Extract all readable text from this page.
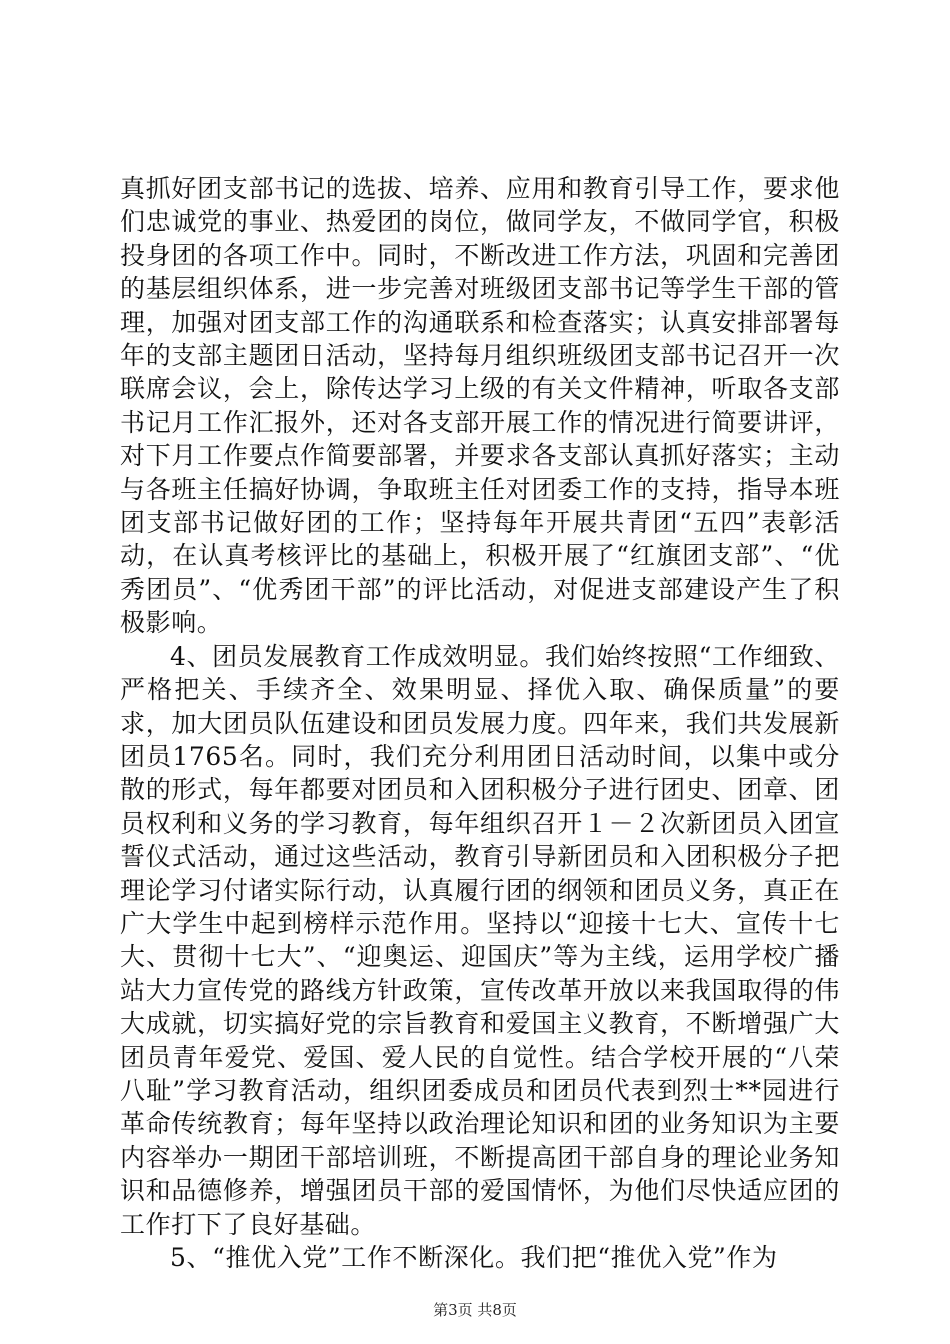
真抓好团支部书记的选拔、培养、应用和教育引导工作，要求他们忠诚党的事业、热爱团的岗位，做同学友，不做同学官，积极投身团的各项工作中。同时，不断改进工作方法，巩固和完善团的基层组织体系，进一步完善对班级团支部书记等学生干部的管理，加强对团支部工作的沟通联系和检查落实；认真安排部署每年的支部主题团日活动，坚持每月组织班级团支部书记召开一次联席会议，会上，除传达学习上级的有关文件精神，听取各支部书记月工作汇报外，还对各支部开展工作的情况进行简要讲评，对下月工作要点作简要部署，并要求各支部认真抓好落实；主动与各班主任搞好协调，争取班主任对团委工作的支持，指导本班团支部书记做好团的工作；坚持每年开展共青团“五四”表彰活动，在认真考核评比的基础上，积极开展了“红旗团支部”、“优秀团员”、“优秀团干部”的评比活动，对促进支部建设产生了积极影响。

4、团员发展教育工作成效明显。我们始终按照“工作细致、严格把关、手续齐全、效果明显、择优入取、确保质量”的要求，加大团员队伍建设和团员发展力度。四年来，我们共发展新团员1765名。同时，我们充分利用团日活动时间，以集中或分散的形式，每年都要对团员和入团积极分子进行团史、团章、团员权利和义务的学习教育，每年组织召开１－２次新团员入团宣誓仪式活动，通过这些活动，教育引导新团员和入团积极分子把理论学习付诸实际行动，认真履行团的纲领和团员义务，真正在广大学生中起到榜样示范作用。坚持以“迎接十七大、宣传十七大、贯彻十七大”、“迎奥运、迎国庆”等为主线，运用学校广播站大力宣传党的路线方针政策，宣传改革开放以来我国取得的伟大成就，切实搞好党的宗旨教育和爱国主义教育，不断增强广大团员青年爱党、爱国、爱人民的自觉性。结合学校开展的“八荣八耻”学习教育活动，组织团委成员和团员代表到烈士**园进行革命传统教育；每年坚持以政治理论知识和团的业务知识为主要内容举办一期团干部培训班，不断提高团干部自身的理论业务知识和品德修养，增强团员干部的爱国情怀，为他们尽快适应团的工作打下了良好基础。

5、“推优入党”工作不断深化。我们把“推优入党”作为

第3页 共8页
